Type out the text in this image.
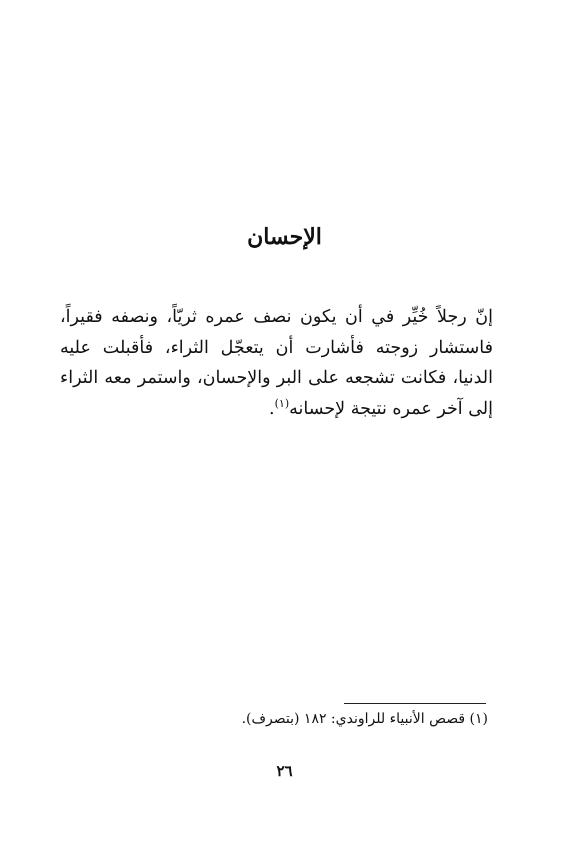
الإحسان

إنّ رجلاً خُيِّر في أن يكون نصف عمره ثريّاً، ونصفه فقيراً، فاستشار زوجته فأشارت أن يتعجّل الثراء، فأقبلت عليه الدنيا، فكانت تشجعه على البر والإحسان، واستمر معه الثراء إلى آخر عمره نتيجة لإحسانه$^{(١)}$.

(١) قصص الأنبياء للراوندي: ١٨٢ (بتصرف).

٢٦
